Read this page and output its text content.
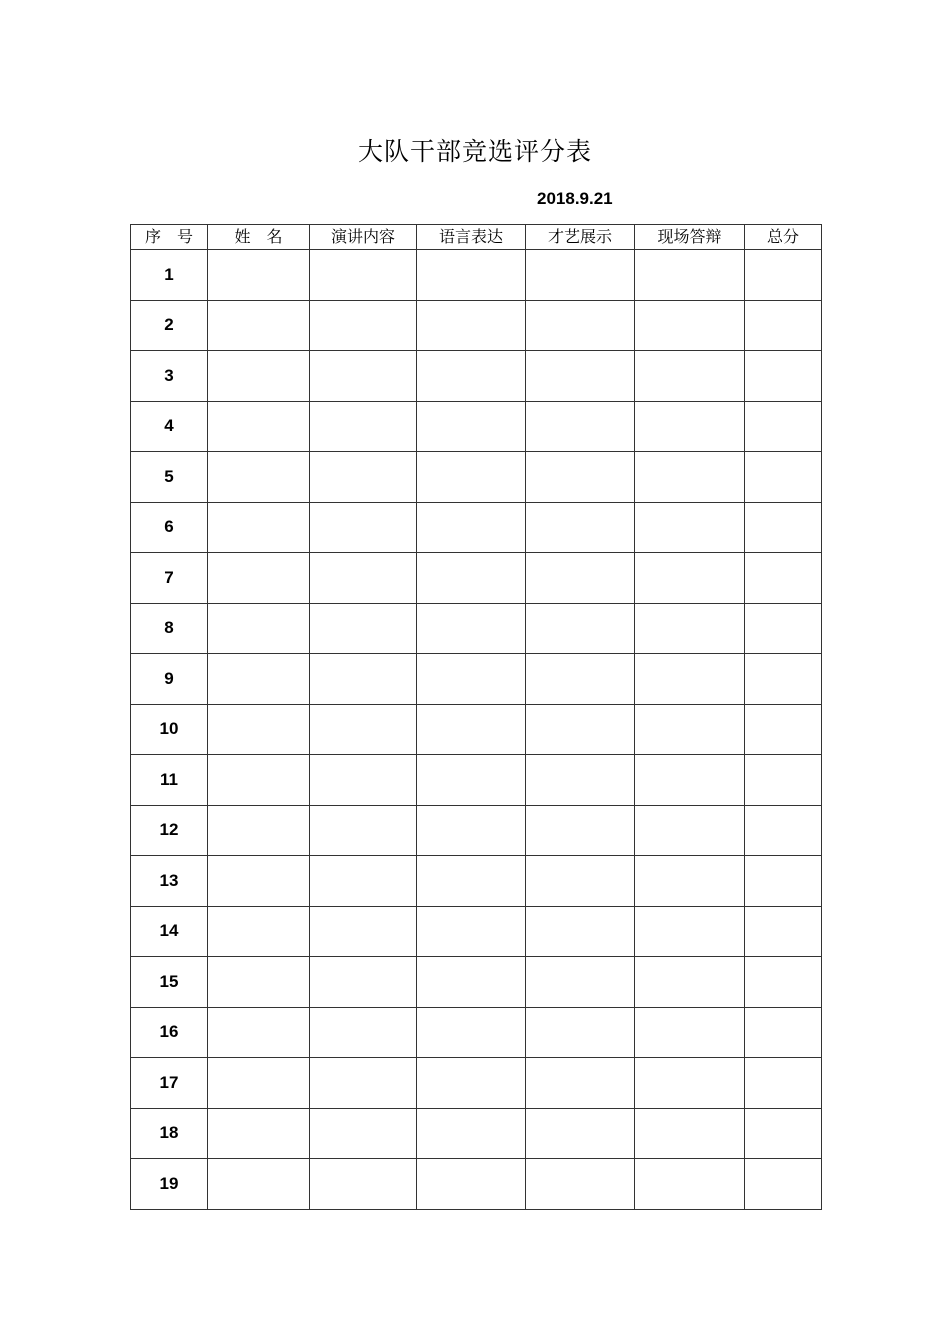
大队干部竞选评分表
2018.9.21
序　号	姓　名	演讲内容	语言表达	才艺展示	现场答辩	总分
1						
2						
3						
4						
5						
6						
7						
8						
9						
10						
11						
12						
13						
14						
15						
16						
17						
18						
19						
